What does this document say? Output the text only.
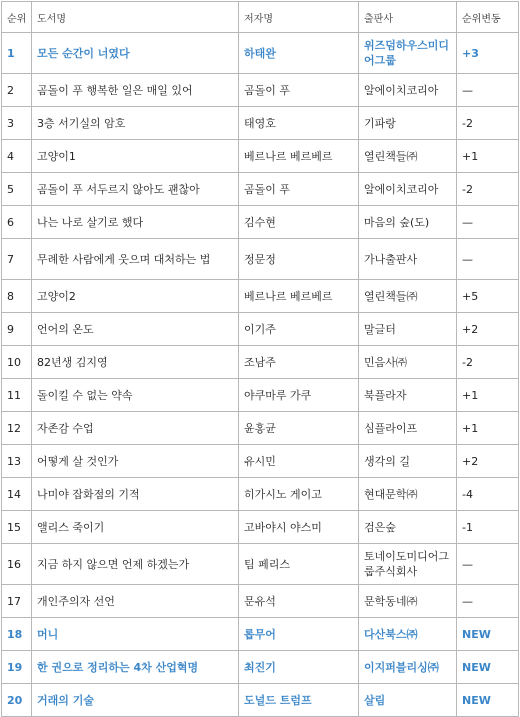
순위	도서명	저자명	출판사	순위변동
1	모든 순간이 너였다	하태완	위즈덤하우스미디어그룹	+3
2	곰돌이 푸 행복한 일은 매일 있어	곰돌이 푸	알에이치코리아	—
3	3층 서기실의 암호	태영호	기파랑	-2
4	고양이1	베르나르 베르베르	열린책들㈜	+1
5	곰돌이 푸 서두르지 않아도 괜찮아	곰돌이 푸	알에이치코리아	-2
6	나는 나로 살기로 했다	김수현	마음의 숲(도)	—
7	무례한 사람에게 웃으며 대처하는 법	정문정	가나출판사	—
8	고양이2	베르나르 베르베르	열린책들㈜	+5
9	언어의 온도	이기주	말글터	+2
10	82년생 김지영	조남주	민음사㈜	-2
11	돌이킬 수 없는 약속	야쿠마루 가쿠	북플라자	+1
12	자존감 수업	윤홍균	심플라이프	+1
13	어떻게 살 것인가	유시민	생각의 길	+2
14	나미야 잡화점의 기적	히가시노 게이고	현대문학㈜	-4
15	앨리스 죽이기	고바야시 야스미	검은숲	-1
16	지금 하지 않으면 언제 하겠는가	팀 페리스	토네이도미디어그룹주식회사	—
17	개인주의자 선언	문유석	문학동네㈜	—
18	머니	롭무어	다산북스㈜	NEW
19	한 권으로 정리하는 4차 산업혁명	최진기	이지퍼블리싱㈜	NEW
20	거래의 기술	도널드 트럼프	살림	NEW
